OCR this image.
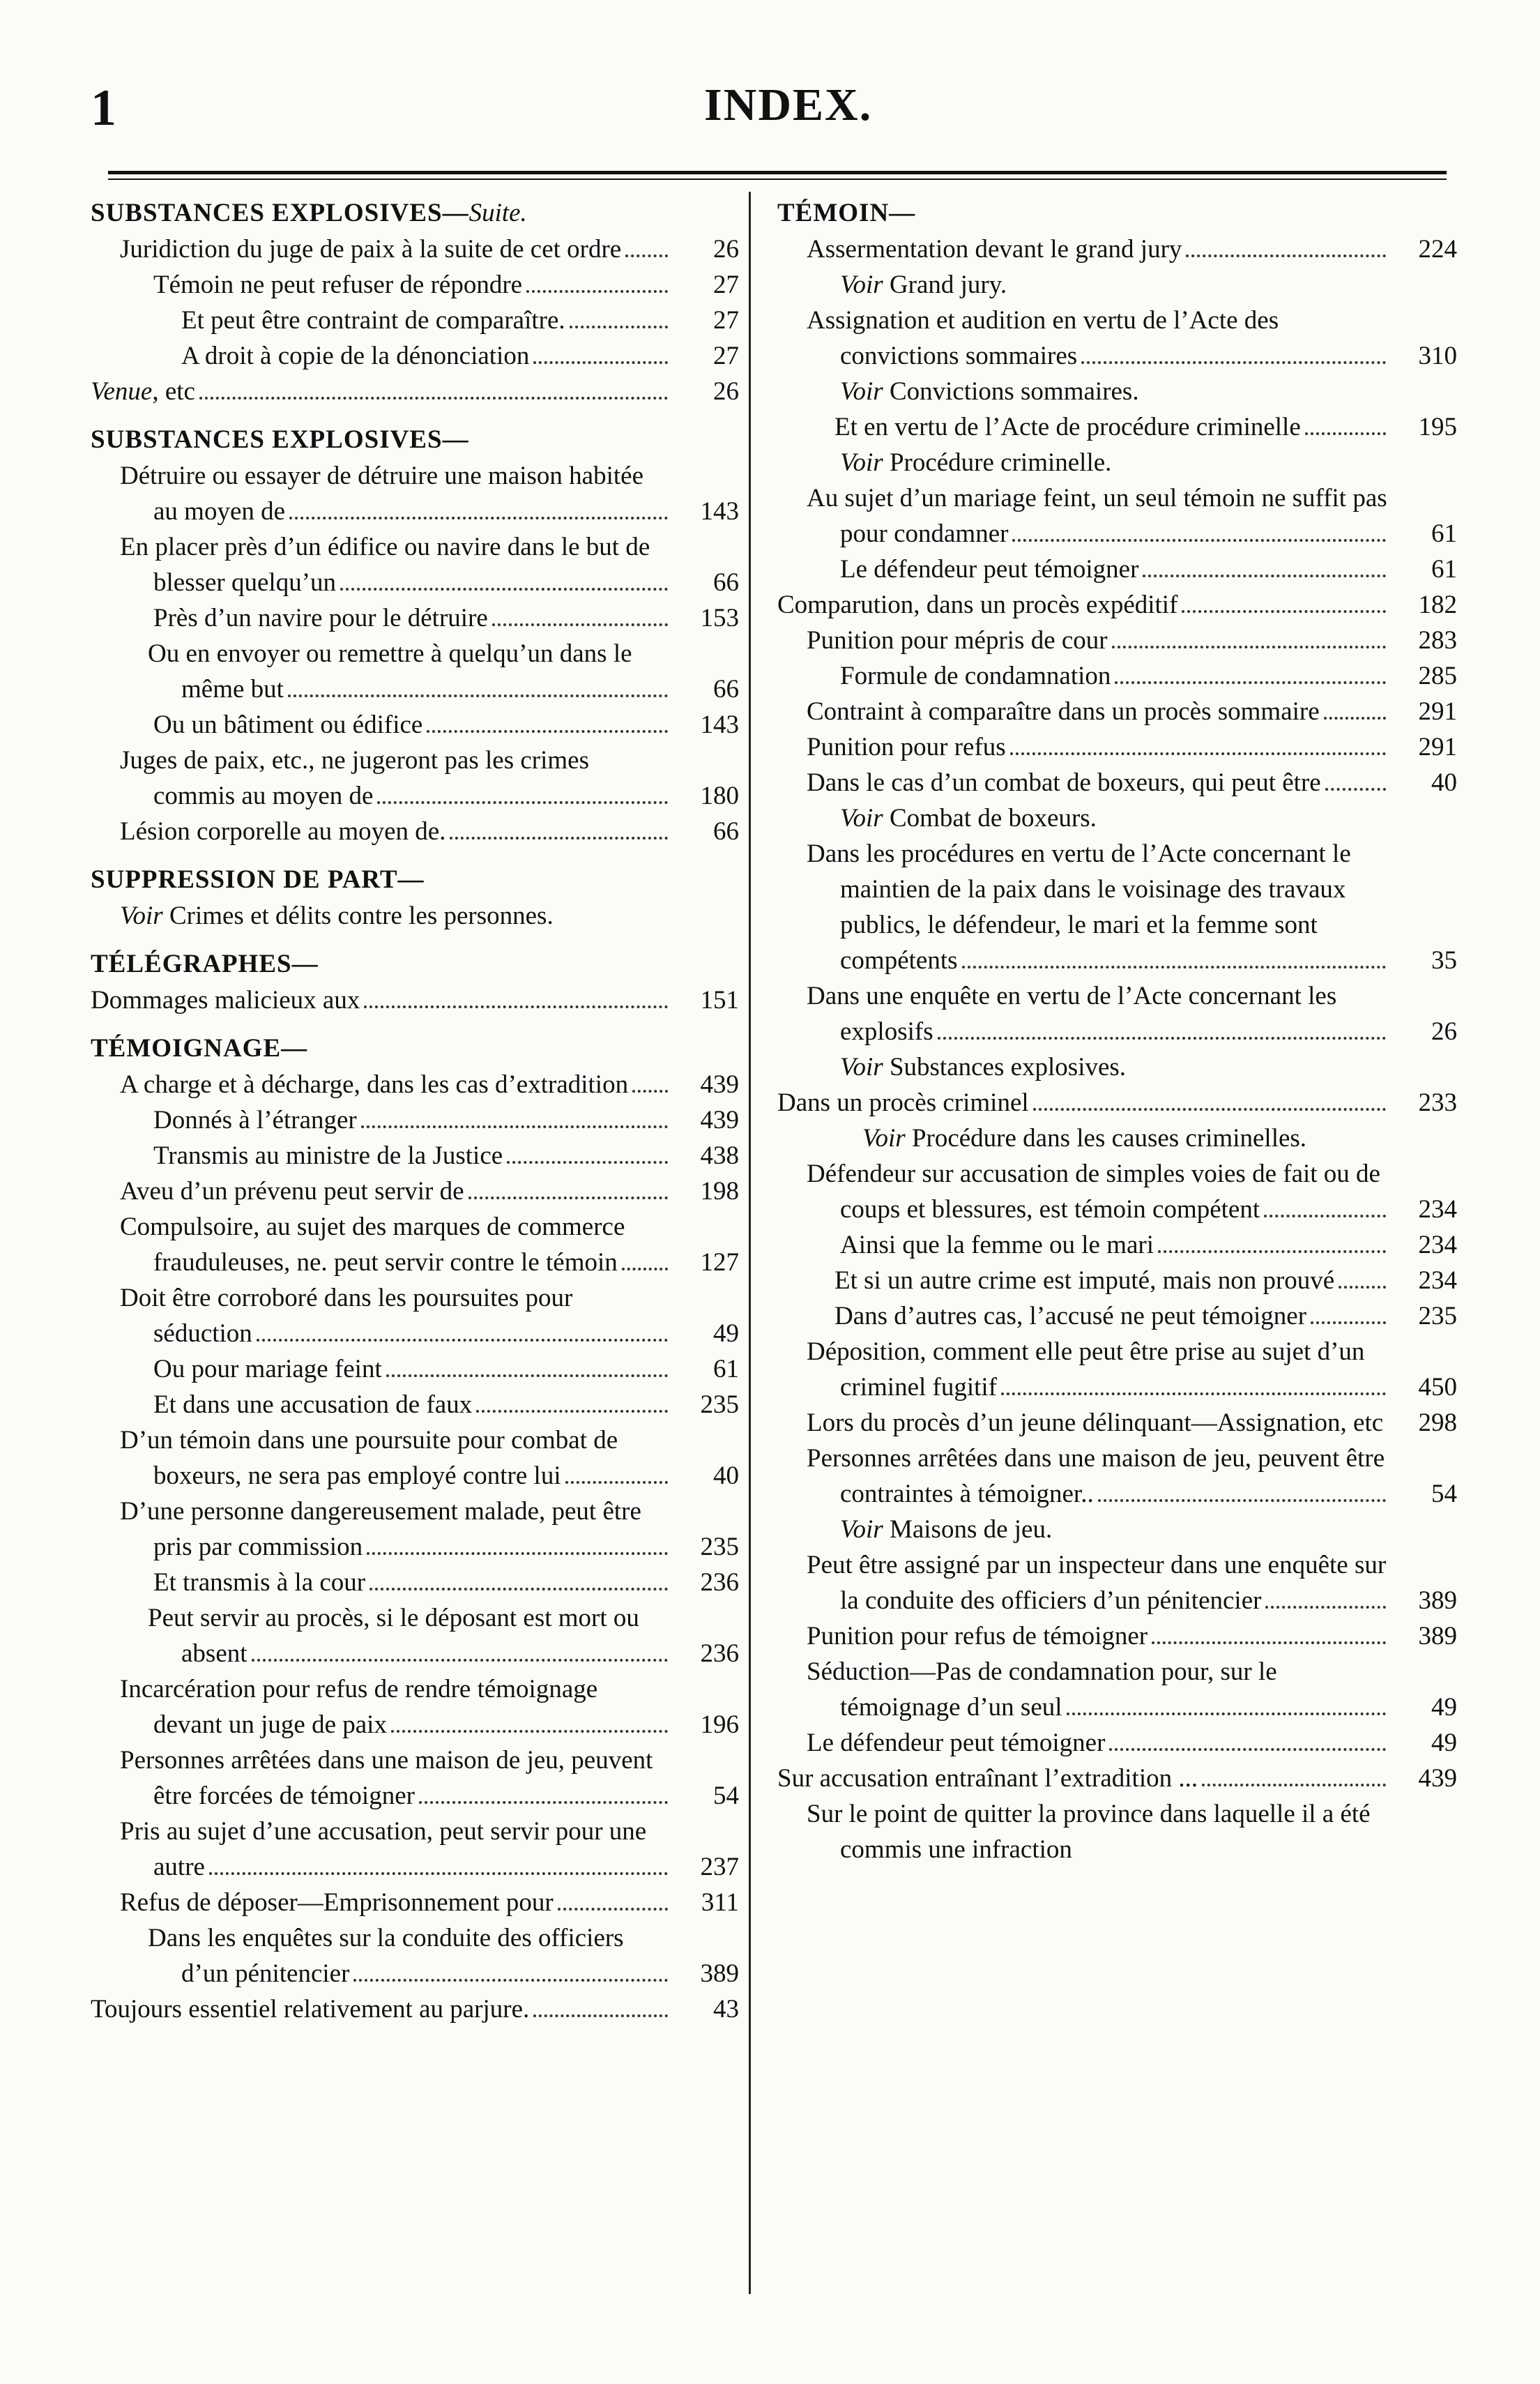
1	INDEX.
SUBSTANCES EXPLOSIVES—Suite.
Juridiction du juge de paix à la suite de cet ordre	26
Témoin ne peut refuser de répondre	27
Et peut être contraint de comparaître.	27
A droit à copie de la dénonciation	27
Venue, etc	26
SUBSTANCES EXPLOSIVES—
Détruire ou essayer de détruire une maison habitée au moyen de	143
En placer près d’un édifice ou navire dans le but de blesser quelqu’un	66
Près d’un navire pour le détruire	153
Ou en envoyer ou remettre à quelqu’un dans le même but	66
Ou un bâtiment ou édifice	143
Juges de paix, etc., ne jugeront pas les crimes commis au moyen de	180
Lésion corporelle au moyen de.	66
SUPPRESSION DE PART—
Voir Crimes et délits contre les personnes.
TÉLÉGRAPHES—
Dommages malicieux aux	151
TÉMOIGNAGE—
A charge et à décharge, dans les cas d’extradition	439
Donnés à l’étranger	439
Transmis au ministre de la Justice	438
Aveu d’un prévenu peut servir de	198
Compulsoire, au sujet des marques de commerce frauduleuses, ne. peut servir contre le témoin	127
Doit être corroboré dans les poursuites pour séduction	49
Ou pour mariage feint	61
Et dans une accusation de faux	235
D’un témoin dans une poursuite pour combat de boxeurs, ne sera pas employé contre lui	40
D’une personne dangereusement malade, peut être pris par commission	235
Et transmis à la cour	236
Peut servir au procès, si le déposant est mort ou absent	236
Incarcération pour refus de rendre témoignage devant un juge de paix	196
Personnes arrêtées dans une maison de jeu, peuvent être forcées de témoigner	54
Pris au sujet d’une accusation, peut servir pour une autre	237
Refus de déposer—Emprisonnement pour	311
Dans les enquêtes sur la conduite des officiers d’un pénitencier	389
Toujours essentiel relativement au parjure.	43
TÉMOIN—
Assermentation devant le grand jury	224
Voir Grand jury.
Assignation et audition en vertu de l’Acte des convictions sommaires	310
Voir Convictions sommaires.
Et en vertu de l’Acte de procédure criminelle	195
Voir Procédure criminelle.
Au sujet d’un mariage feint, un seul témoin ne suffit pas pour condamner	61
Le défendeur peut témoigner	61
Comparution, dans un procès expéditif	182
Punition pour mépris de cour	283
Formule de condamnation	285
Contraint à comparaître dans un procès sommaire	291
Punition pour refus	291
Dans le cas d’un combat de boxeurs, qui peut être	40
Voir Combat de boxeurs.
Dans les procédures en vertu de l’Acte concernant le maintien de la paix dans le voisinage des travaux publics, le défendeur, le mari et la femme sont compétents	35
Dans une enquête en vertu de l’Acte concernant les explosifs	26
Voir Substances explosives.
Dans un procès criminel	233
Voir Procédure dans les causes criminelles.
Défendeur sur accusation de simples voies de fait ou de coups et blessures, est témoin compétent	234
Ainsi que la femme ou le mari	234
Et si un autre crime est imputé, mais non prouvé	234
Dans d’autres cas, l’accusé ne peut témoigner	235
Déposition, comment elle peut être prise au sujet d’un criminel fugitif	450
Lors du procès d’un jeune délinquant—Assignation, etc	298
Personnes arrêtées dans une maison de jeu, peuvent être contraintes à témoigner..	54
Voir Maisons de jeu.
Peut être assigné par un inspecteur dans une enquête sur la conduite des officiers d’un pénitencier	389
Punition pour refus de témoigner	389
Séduction—Pas de condamnation pour, sur le témoignage d’un seul	49
Le défendeur peut témoigner	49
Sur accusation entraînant l’extradition ...	439
Sur le point de quitter la province dans laquelle il a été commis une infraction
